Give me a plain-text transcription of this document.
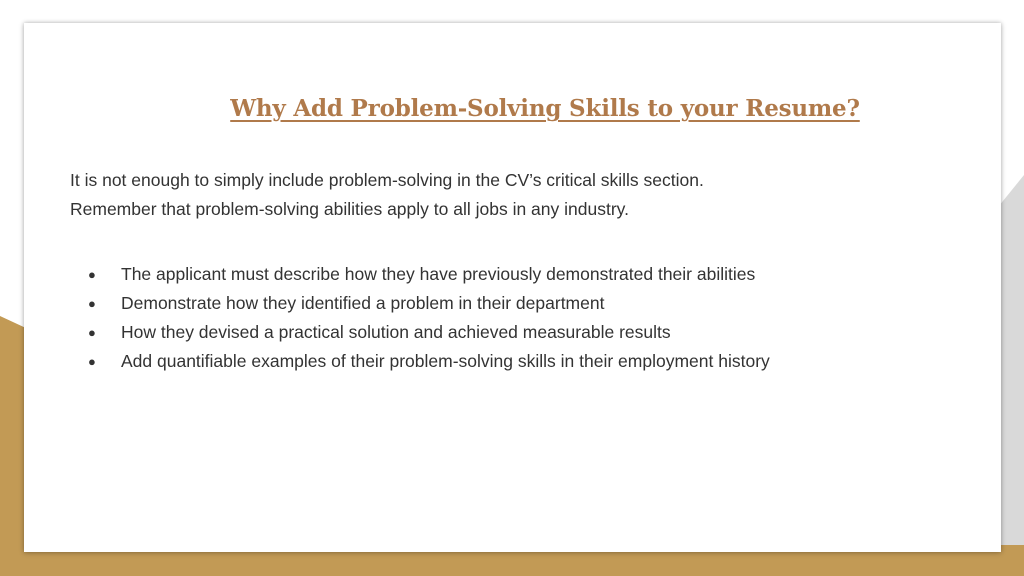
Why Add Problem-Solving Skills to your Resume?

It is not enough to simply include problem-solving in the CV’s critical skills section.
Remember that problem-solving abilities apply to all jobs in any industry.

● The applicant must describe how they have previously demonstrated their abilities
● Demonstrate how they identified a problem in their department
● How they devised a practical solution and achieved measurable results
● Add quantifiable examples of their problem-solving skills in their employment history
